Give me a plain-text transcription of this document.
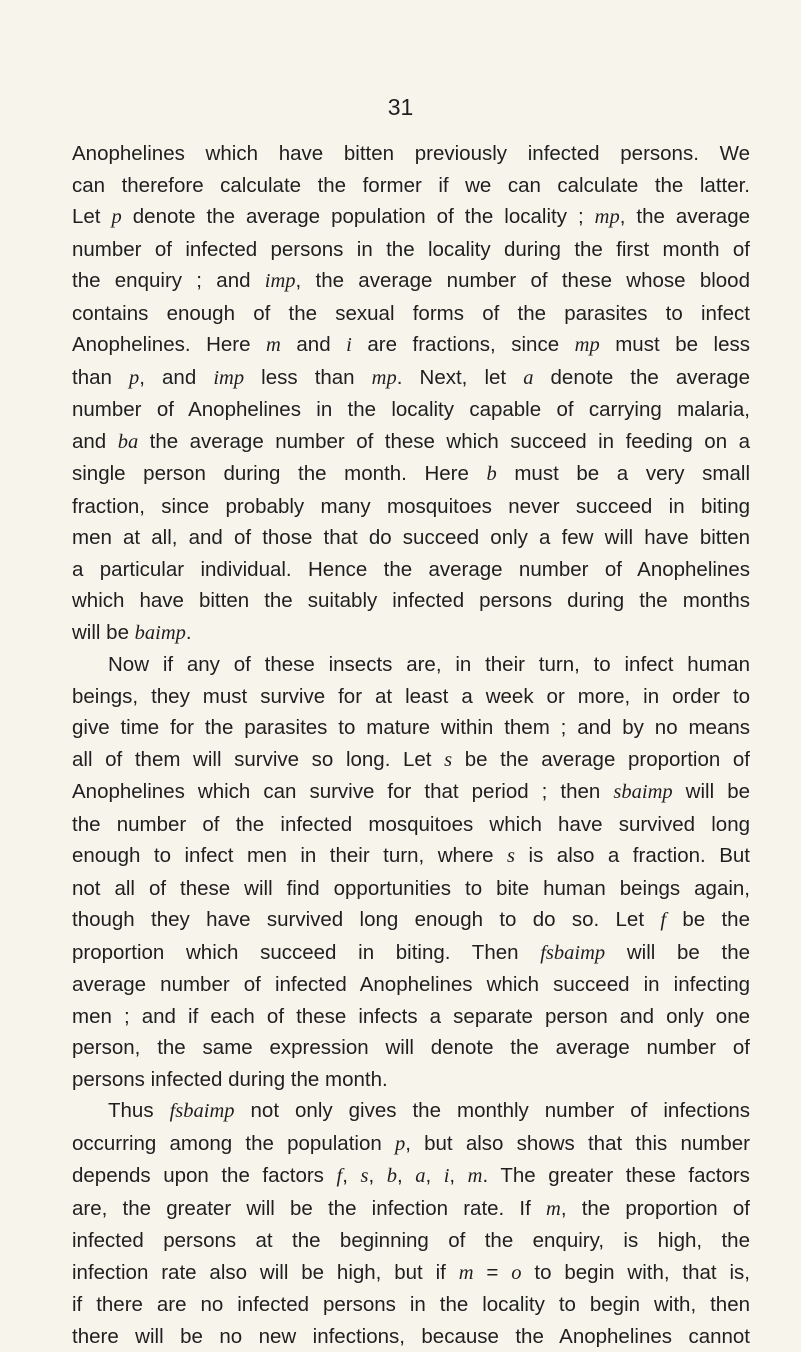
31
Anophelines which have bitten previously infected persons. We
can therefore calculate the former if we can calculate the latter.
Let p denote the average population of the locality ; mp, the average
number of infected persons in the locality during the first month of
the enquiry ; and imp, the average number of these whose blood
contains enough of the sexual forms of the parasites to infect
Anophelines. Here m and i are fractions, since mp must be less
than p, and imp less than mp. Next, let a denote the average
number of Anophelines in the locality capable of carrying malaria,
and ba the average number of these which succeed in feeding on a
single person during the month. Here b must be a very small
fraction, since probably many mosquitoes never succeed in biting
men at all, and of those that do succeed only a few will have bitten
a particular individual. Hence the average number of Anophelines
which have bitten the suitably infected persons during the months
will be baimp.
Now if any of these insects are, in their turn, to infect human
beings, they must survive for at least a week or more, in order to
give time for the parasites to mature within them ; and by no means
all of them will survive so long. Let s be the average proportion of
Anophelines which can survive for that period ; then sbaimp will be
the number of the infected mosquitoes which have survived long
enough to infect men in their turn, where s is also a fraction. But
not all of these will find opportunities to bite human beings again,
though they have survived long enough to do so. Let f be the
proportion which succeed in biting. Then fsbaimp will be the
average number of infected Anophelines which succeed in infecting
men ; and if each of these infects a separate person and only one
person, the same expression will denote the average number of
persons infected during the month.
Thus fsbaimp not only gives the monthly number of infections
occurring among the population p, but also shows that this number
depends upon the factors f, s, b, a, i, m. The greater these factors
are, the greater will be the infection rate. If m, the proportion of
infected persons at the beginning of the enquiry, is high, the
infection rate also will be high, but if m = o to begin with, that is,
if there are no infected persons in the locality to begin with, then
there will be no new infections, because the Anophelines cannot
